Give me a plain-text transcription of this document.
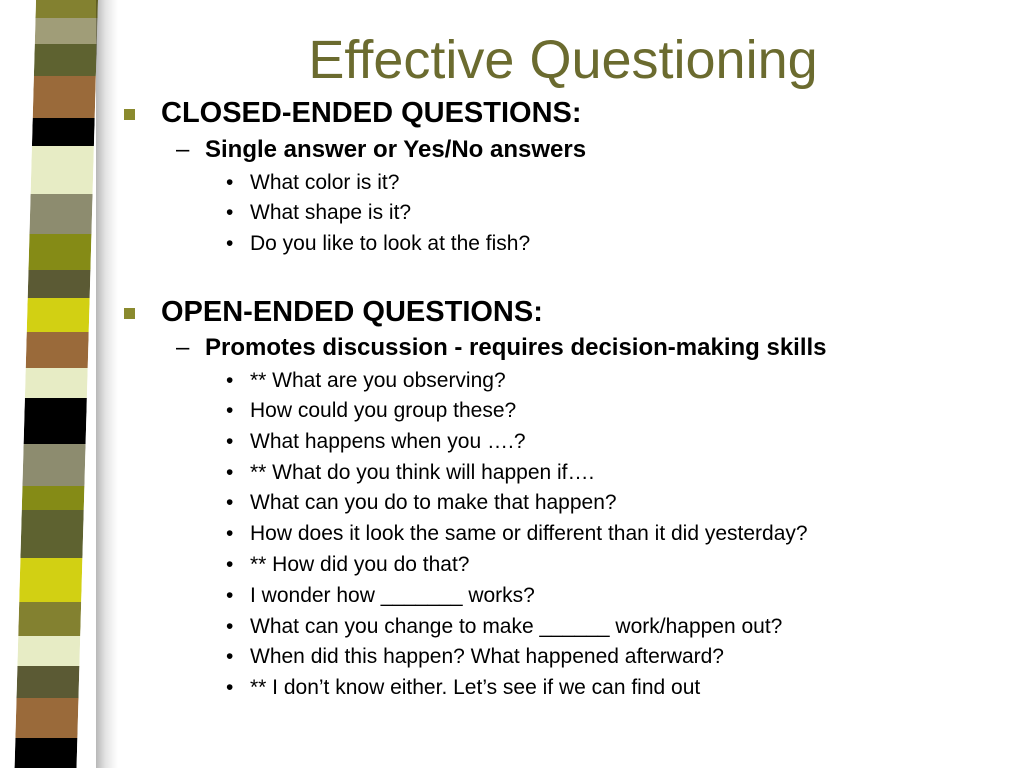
Effective Questioning
CLOSED-ENDED QUESTIONS:
– Single answer or Yes/No answers
• What color is it?
• What shape is it?
• Do you like to look at the fish?
OPEN-ENDED QUESTIONS:
– Promotes discussion - requires decision-making skills
• ** What are you observing?
• How could you group these?
• What happens when you ….?
• ** What do you think will happen if….
• What can you do to make that happen?
• How does it look the same or different than it did yesterday?
• ** How did you do that?
• I wonder how _______ works?
• What can you change to make ______ work/happen out?
• When did this happen? What happened afterward?
• ** I don’t know either. Let’s see if we can find out
